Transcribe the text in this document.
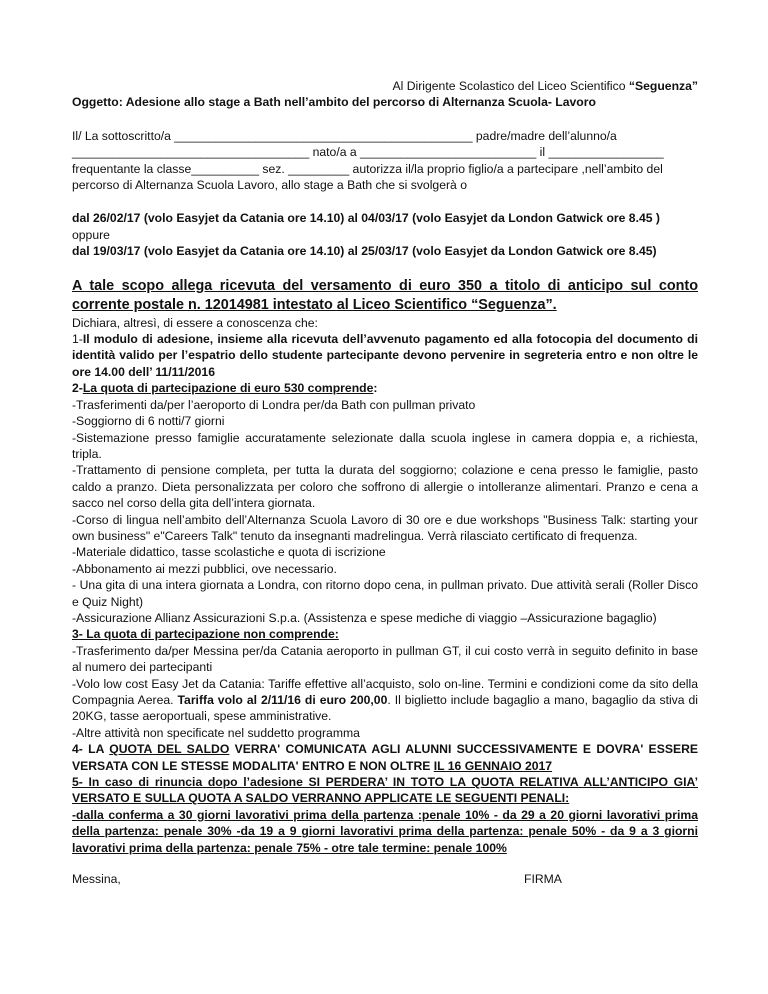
Al Dirigente Scolastico del Liceo Scientifico “Seguenza”

Oggetto: Adesione allo stage a Bath nell’ambito del percorso di Alternanza Scuola- Lavoro

Il/ La sottoscritto/a ____________________________________________ padre/madre dell’alunno/a

___________________________________ nato/a a __________________________ il _________________

frequentante la classe__________ sez. _________ autorizza il/la proprio figlio/a a partecipare ,nell’ambito del

percorso di Alternanza Scuola Lavoro, allo stage a Bath che si svolgerà o

dal 26/02/17 (volo Easyjet da Catania ore 14.10) al 04/03/17 (volo Easyjet da London Gatwick ore 8.45 )

oppure

dal 19/03/17 (volo Easyjet da Catania ore 14.10) al 25/03/17 (volo Easyjet da London Gatwick ore 8.45)

A tale scopo allega ricevuta del versamento di euro 350 a titolo di anticipo sul conto corrente postale n. 12014981 intestato al Liceo Scientifico “Seguenza”.

Dichiara, altresì, di essere a conoscenza che:

1-Il modulo di adesione, insieme alla ricevuta dell’avvenuto pagamento ed alla fotocopia del documento di identità valido per l’espatrio dello studente partecipante devono pervenire in segreteria entro e non oltre le ore 14.00 dell’ 11/11/2016

2-La quota di partecipazione di euro 530 comprende:

-Trasferimenti da/per l’aeroporto di Londra per/da Bath con pullman privato

-Soggiorno di 6 notti/7 giorni

-Sistemazione presso famiglie accuratamente selezionate dalla scuola inglese in camera doppia e, a richiesta, tripla.

-Trattamento di pensione completa, per tutta la durata del soggiorno; colazione e cena presso le famiglie, pasto caldo a pranzo. Dieta personalizzata per coloro che soffrono di allergie o intolleranze alimentari. Pranzo e cena a sacco nel corso della gita dell’intera giornata.

-Corso di lingua nell’ambito dell’Alternanza Scuola Lavoro di 30 ore e due workshops "Business Talk: starting your own business" e"Careers Talk" tenuto da insegnanti madrelingua. Verrà rilasciato certificato di frequenza.

-Materiale didattico, tasse scolastiche e quota di iscrizione

-Abbonamento ai mezzi pubblici, ove necessario.

- Una gita di una intera giornata a Londra, con ritorno dopo cena, in pullman privato. Due attività serali (Roller Disco e Quiz Night)

-Assicurazione Allianz Assicurazioni S.p.a. (Assistenza e spese mediche di viaggio –Assicurazione bagaglio)

3- La quota di partecipazione non comprende:

-Trasferimento da/per Messina per/da Catania aeroporto in pullman GT, il cui costo verrà in seguito definito in base al numero dei partecipanti

-Volo low cost Easy Jet da Catania: Tariffe effettive all’acquisto, solo on-line. Termini e condizioni come da sito della Compagnia Aerea. Tariffa volo al 2/11/16 di euro 200,00. Il biglietto include bagaglio a mano, bagaglio da stiva di 20KG, tasse aeroportuali, spese amministrative.

-Altre attività non specificate nel suddetto programma

4- LA QUOTA DEL SALDO VERRA' COMUNICATA AGLI ALUNNI SUCCESSIVAMENTE E DOVRA' ESSERE VERSATA CON LE STESSE MODALITA' ENTRO E NON OLTRE IL 16 GENNAIO 2017

5- In caso di rinuncia dopo l’adesione SI PERDERA’ IN TOTO LA QUOTA RELATIVA ALL’ANTICIPO GIA’ VERSATO E SULLA QUOTA A SALDO VERRANNO APPLICATE LE SEGUENTI PENALI:

-dalla conferma a 30 giorni lavorativi prima della partenza :penale 10% - da 29 a 20 giorni lavorativi prima della partenza: penale 30% -da 19 a 9 giorni lavorativi prima della partenza: penale 50% - da 9 a 3 giorni lavorativi prima della partenza: penale 75% - otre tale termine: penale 100%

Messina,	FIRMA
